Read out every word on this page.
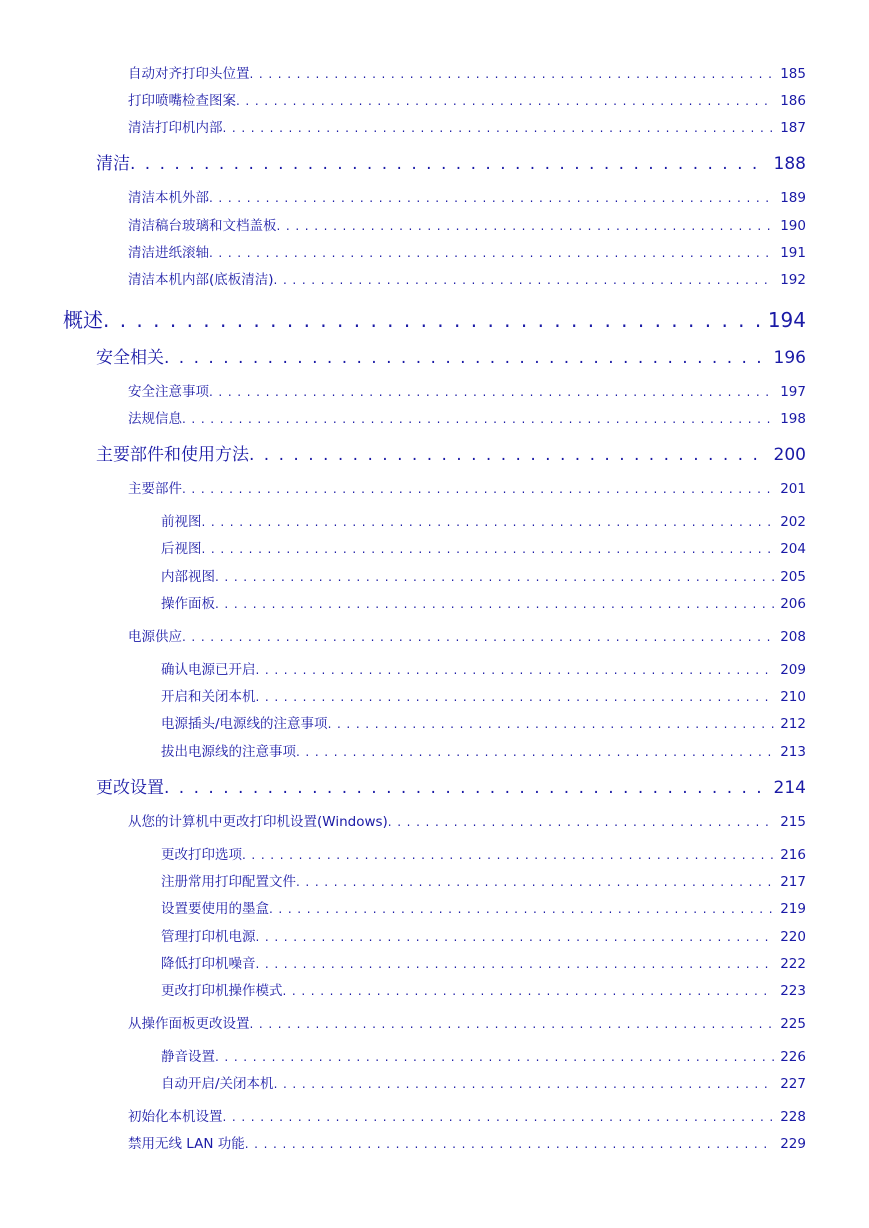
自动对齐打印头位置 . . .	185
打印喷嘴检查图案 . . .	186
清洁打印机内部 . . .	187
清洁 . . .	188
清洁本机外部 . . .	189
清洁稿台玻璃和文档盖板 . . .	190
清洁进纸滚轴 . . .	191
清洁本机内部(底板清洁) . . .	192
概述 . . .	194
安全相关 . . .	196
安全注意事项 . . .	197
法规信息 . . .	198
主要部件和使用方法 . . .	200
主要部件 . . .	201
前视图 . . .	202
后视图 . . .	204
内部视图 . . .	205
操作面板 . . .	206
电源供应 . . .	208
确认电源已开启 . . .	209
开启和关闭本机 . . .	210
电源插头/电源线的注意事项 . . .	212
拔出电源线的注意事项 . . .	213
更改设置 . . .	214
从您的计算机中更改打印机设置(Windows) . . .	215
更改打印选项 . . .	216
注册常用打印配置文件 . . .	217
设置要使用的墨盒 . . .	219
管理打印机电源 . . .	220
降低打印机噪音 . . .	222
更改打印机操作模式 . . .	223
从操作面板更改设置 . . .	225
静音设置 . . .	226
自动开启/关闭本机 . . .	227
初始化本机设置 . . .	228
禁用无线 LAN 功能 . . .	229
